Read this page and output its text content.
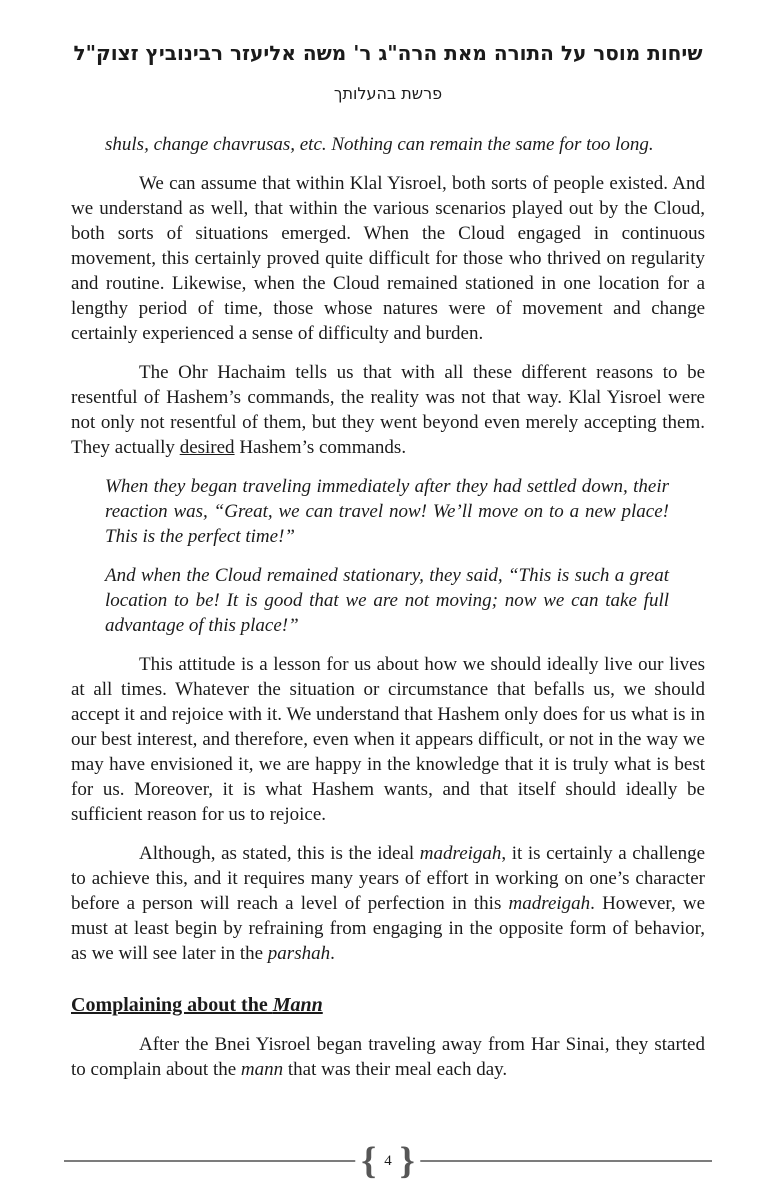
שיחות מוסר על התורה מאת הרה"ג ר' משה אליעזר רבינוביץ זצוק"ל
פרשת בהעלותך

shuls, change chavrusas, etc. Nothing can remain the same for too long.

We can assume that within Klal Yisroel, both sorts of people existed. And we understand as well, that within the various scenarios played out by the Cloud, both sorts of situations emerged. When the Cloud engaged in continuous movement, this certainly proved quite difficult for those who thrived on regularity and routine. Likewise, when the Cloud remained stationed in one location for a lengthy period of time, those whose natures were of movement and change certainly experienced a sense of difficulty and burden.

The Ohr Hachaim tells us that with all these different reasons to be resentful of Hashem’s commands, the reality was not that way. Klal Yisroel were not only not resentful of them, but they went beyond even merely accepting them. They actually desired Hashem’s commands.

When they began traveling immediately after they had settled down, their reaction was, “Great, we can travel now! We’ll move on to a new place! This is the perfect time!”

And when the Cloud remained stationary, they said, “This is such a great location to be! It is good that we are not moving; now we can take full advantage of this place!”

This attitude is a lesson for us about how we should ideally live our lives at all times. Whatever the situation or circumstance that befalls us, we should accept it and rejoice with it. We understand that Hashem only does for us what is in our best interest, and therefore, even when it appears difficult, or not in the way we may have envisioned it, we are happy in the knowledge that it is truly what is best for us. Moreover, it is what Hashem wants, and that itself should ideally be sufficient reason for us to rejoice.

Although, as stated, this is the ideal madreigah, it is certainly a challenge to achieve this, and it requires many years of effort in working on one’s character before a person will reach a level of perfection in this madreigah. However, we must at least begin by refraining from engaging in the opposite form of behavior, as we will see later in the parshah.

Complaining about the Mann

After the Bnei Yisroel began traveling away from Har Sinai, they started to complain about the mann that was their meal each day.

{ 4 }
